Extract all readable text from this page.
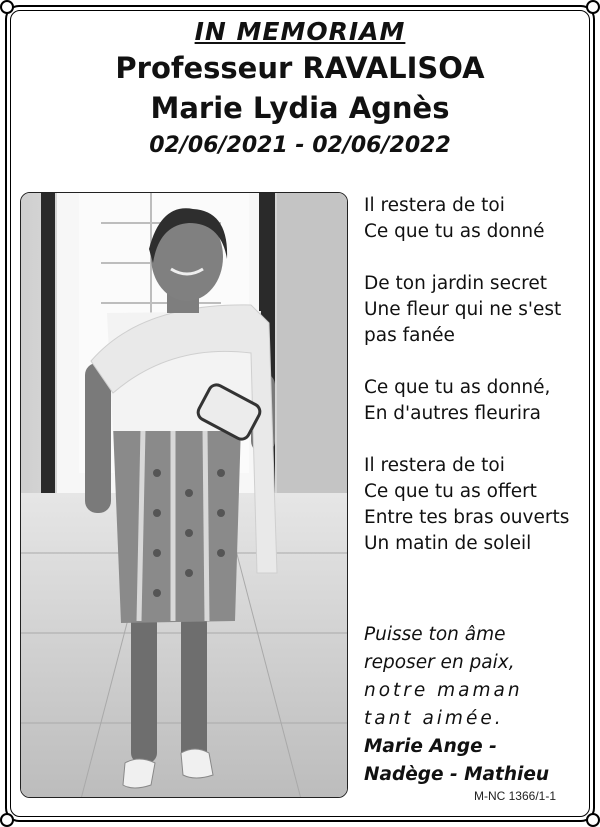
IN MEMORIAM
Professeur RAVALISOA
Marie Lydia Agnès
02/06/2021 - 02/06/2022
Il restera de toi
Ce que tu as donné
De ton jardin secret
Une fleur qui ne s'est
pas fanée
Ce que tu as donné,
En d'autres fleurira
Il restera de toi
Ce que tu as offert
Entre tes bras ouverts
Un matin de soleil
Puisse ton âme
reposer en paix,
notre maman
tant aimée.
Marie Ange -
Nadège - Mathieu
M-NC 1366/1-1
